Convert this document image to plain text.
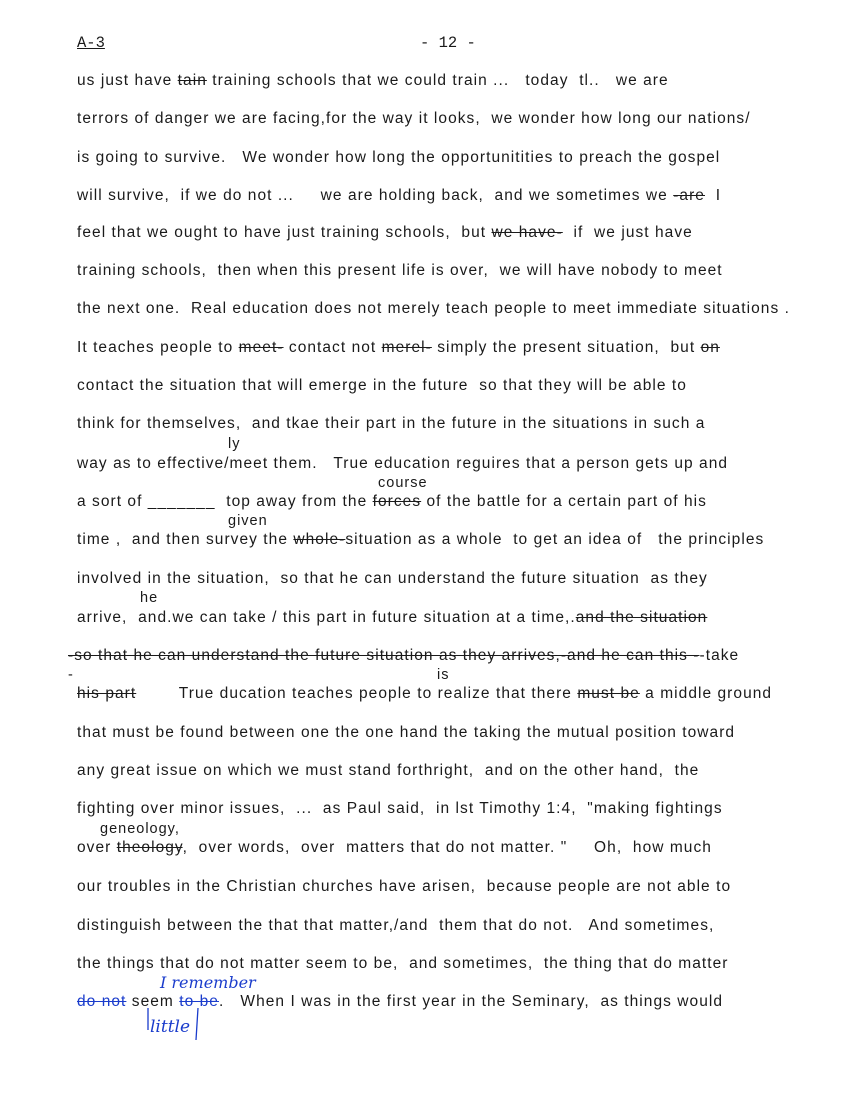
A-3	- 12 -
us just have tain training schools that we could train ...   today  tl..   we are
terrors of danger we are facing,for the way it looks,  we wonder how long our nations/
is going to survive.   We wonder how long the opportunitities to preach the gospel
will survive,  if we do not ...     we are holding back,  and we sometimes we -are  I
feel that we ought to have just training schools,  but we have-  if  we just have
training schools,  then when this present life is over,  we will have nobody to meet
the next one.  Real education does not merely teach people to meet immediate situations .
It teaches people to meet- contact not merel- simply the present situation,  but on
contact the situation that will emerge in the future  so that they will be able to
think for themselves,  and tkae their part in the future in the situations in such a
way as to effective/meet them.   True education reguires that a person gets up and
a sort of _______  top away from the forces of the battle for a certain part of his
time ,  and then survey the whole-situation as a whole  to get an idea of   the principles
involved in the situation,  so that he can understand the future situation  as they
arrive,  and.we can take / this part in future situation at a time,.and the situation
-so that he can understand the future situation as they arrives,-and he can this --take
his part        True ducation teaches people to realize that there must be a middle ground
that must be found between one the one hand the taking the mutual position toward
any great issue on which we must stand forthright,  and on the other hand,  the
fighting over minor issues,  ...  as Paul said,  in lst Timothy 1:4,  "making fightings
over theology,  over words,  over  matters that do not matter. "     Oh,  how much
our troubles in the Christian churches have arisen,  because people are not able to
distinguish between the that that matter,/and  them that do not.   And sometimes,
the things that do not matter seem to be,  and sometimes,  the thing that do matter
do not seem to be.   When I was in the first year in the Seminary,  as things would
ly
course
given
he
-	is
geneology,
I remember
little
